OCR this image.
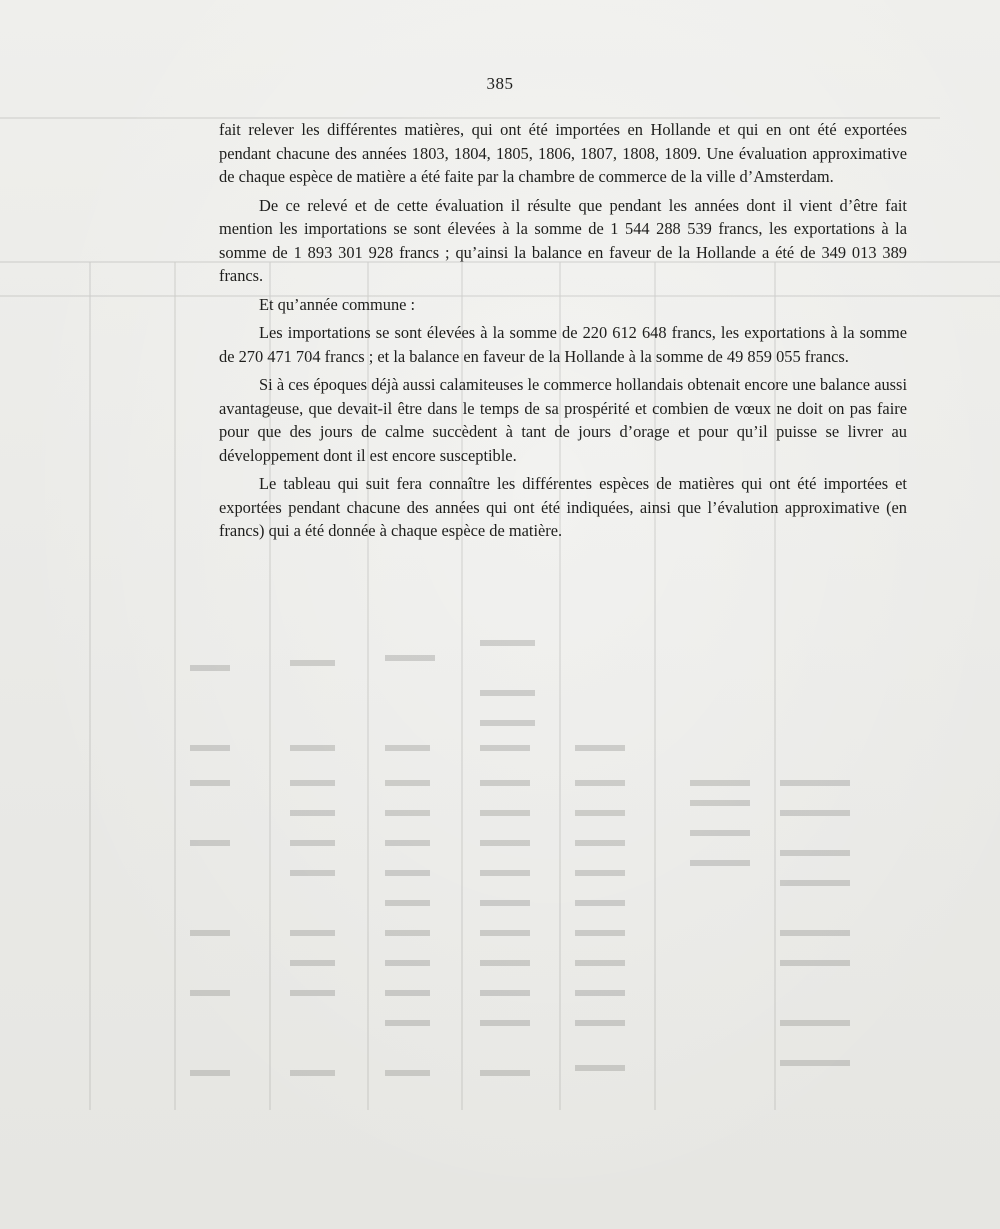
385

fait relever les différentes matières, qui ont été importées en Hollande et qui en ont été exportées pendant chacune des années 1803, 1804, 1805, 1806, 1807, 1808, 1809. Une évaluation approximative de chaque espèce de matière a été faite par la chambre de commerce de la ville d’Amsterdam.

De ce relevé et de cette évaluation il résulte que pendant les années dont il vient d’être fait mention les importations se sont élevées à la somme de 1 544 288 539 francs, les exportations à la somme de 1 893 301 928 francs ; qu’ainsi la balance en faveur de la Hollande a été de 349 013 389 francs.

Et qu’année commune :

Les importations se sont élevées à la somme de 220 612 648 francs, les exportations à la somme de 270 471 704 francs ; et la balance en faveur de la Hollande à la somme de 49 859 055 francs.

Si à ces époques déjà aussi calamiteuses le commerce hollandais obtenait encore une balance aussi avantageuse, que devait-il être dans le temps de sa prospérité et combien de vœux ne doit on pas faire pour que des jours de calme succèdent à tant de jours d’orage et pour qu’il puisse se livrer au développement dont il est encore susceptible.

Le tableau qui suit fera connaître les différentes espèces de matières qui ont été importées et exportées pendant chacune des années qui ont été indiquées, ainsi que l’évalution approximative (en francs) qui a été donnée à chaque espèce de matière.
